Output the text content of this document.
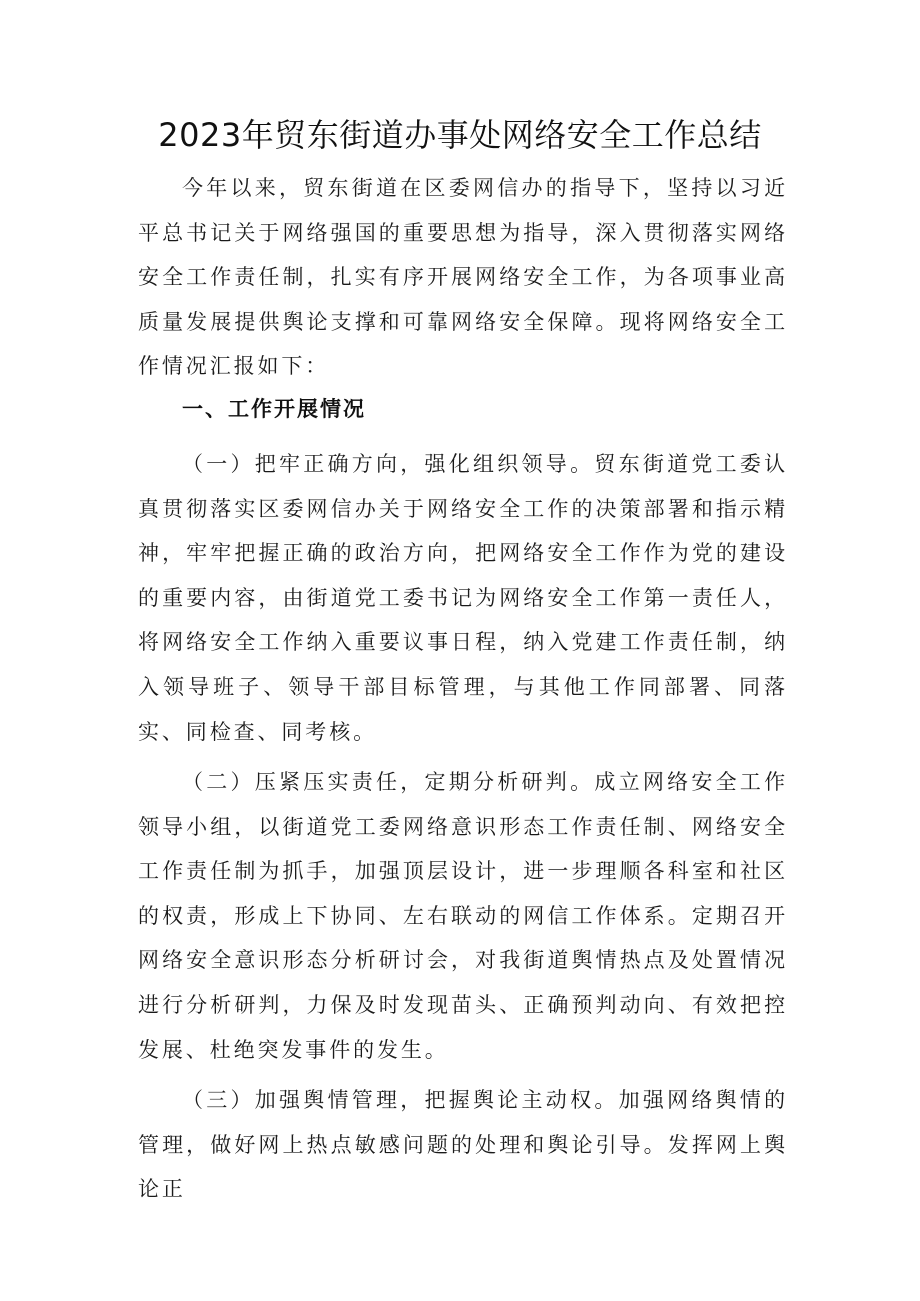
2023年贸东街道办事处网络安全工作总结

今年以来，贸东街道在区委网信办的指导下，坚持以习近平总书记关于网络强国的重要思想为指导，深入贯彻落实网络安全工作责任制，扎实有序开展网络安全工作，为各项事业高质量发展提供舆论支撑和可靠网络安全保障。现将网络安全工作情况汇报如下：

一、工作开展情况

（一）把牢正确方向，强化组织领导。贸东街道党工委认真贯彻落实区委网信办关于网络安全工作的决策部署和指示精神，牢牢把握正确的政治方向，把网络安全工作作为党的建设的重要内容，由街道党工委书记为网络安全工作第一责任人，将网络安全工作纳入重要议事日程，纳入党建工作责任制，纳入领导班子、领导干部目标管理，与其他工作同部署、同落实、同检查、同考核。

（二）压紧压实责任，定期分析研判。成立网络安全工作领导小组，以街道党工委网络意识形态工作责任制、网络安全工作责任制为抓手，加强顶层设计，进一步理顺各科室和社区的权责，形成上下协同、左右联动的网信工作体系。定期召开网络安全意识形态分析研讨会，对我街道舆情热点及处置情况进行分析研判，力保及时发现苗头、正确预判动向、有效把控发展、杜绝突发事件的发生。

（三）加强舆情管理，把握舆论主动权。加强网络舆情的管理，做好网上热点敏感问题的处理和舆论引导。发挥网上舆论正
